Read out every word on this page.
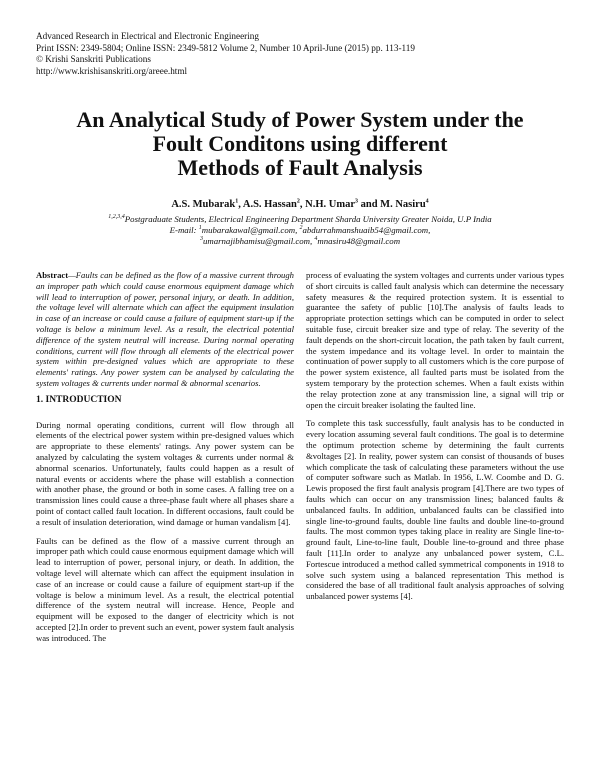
Advanced Research in Electrical and Electronic Engineering
Print ISSN: 2349-5804; Online ISSN: 2349-5812 Volume 2, Number 10 April-June (2015) pp. 113-119
© Krishi Sanskriti Publications
http://www.krishisanskriti.org/areee.html
An Analytical Study of Power System under the
Foult Conditons using different
Methods of Fault Analysis
A.S. Mubarak$^1$, A.S. Hassan$^2$, N.H. Umar$^3$ and M. Nasiru$^4$
$^{1,2,3,4}$Postgraduate Students, Electrical Engineering Department Sharda University Greater Noida, U.P India
E-mail: $^1$mubarakawal@gmail.com, $^2$abdurrahmanshuaib54@gmail.com,
$^3$umarnajibhamisu@gmail.com, $^4$mnasiru48@gmail.com

Abstract—Faults can be defined as the flow of a massive current through an improper path which could cause enormous equipment damage which will lead to interruption of power, personal injury, or death. In addition, the voltage level will alternate which can affect the equipment insulation in case of an increase or could cause a failure of equipment start-up if the voltage is below a minimum level. As a result, the electrical potential difference of the system neutral will increase. During normal operating conditions, current will flow through all elements of the electrical power system within pre-designed values which are appropriate to these elements' ratings. Any power system can be analysed by calculating the system voltages & currents under normal & abnormal scenarios.

1. INTRODUCTION

During normal operating conditions, current will flow through all elements of the electrical power system within pre-designed values which are appropriate to these elements' ratings. Any power system can be analyzed by calculating the system voltages & currents under normal & abnormal scenarios. Unfortunately, faults could happen as a result of natural events or accidents where the phase will establish a connection with another phase, the ground or both in some cases. A falling tree on a transmission lines could cause a three-phase fault where all phases share a point of contact called fault location. In different occasions, fault could be a result of insulation deterioration, wind damage or human vandalism [4].

Faults can be defined as the flow of a massive current through an improper path which could cause enormous equipment damage which will lead to interruption of power, personal injury, or death. In addition, the voltage level will alternate which can affect the equipment insulation in case of an increase or could cause a failure of equipment start-up if the voltage is below a minimum level. As a result, the electrical potential difference of the system neutral will increase. Hence, People and equipment will be exposed to the danger of electricity which is not accepted [2].In order to prevent such an event, power system fault analysis was introduced. The

process of evaluating the system voltages and currents under various types of short circuits is called fault analysis which can determine the necessary safety measures & the required protection system. It is essential to guarantee the safety of public [10].The analysis of faults leads to appropriate protection settings which can be computed in order to select suitable fuse, circuit breaker size and type of relay. The severity of the fault depends on the short-circuit location, the path taken by fault current, the system impedance and its voltage level. In order to maintain the continuation of power supply to all customers which is the core purpose of the power system existence, all faulted parts must be isolated from the system temporary by the protection schemes. When a fault exists within the relay protection zone at any transmission line, a signal will trip or open the circuit breaker isolating the faulted line.

To complete this task successfully, fault analysis has to be conducted in every location assuming several fault conditions. The goal is to determine the optimum protection scheme by determining the fault currents &voltages [2]. In reality, power system can consist of thousands of buses which complicate the task of calculating these parameters without the use of computer software such as Matlab. In 1956, L.W. Coombe and D. G. Lewis proposed the first fault analysis program [4].There are two types of faults which can occur on any transmission lines; balanced faults & unbalanced faults. In addition, unbalanced faults can be classified into single line-to-ground faults, double line faults and double line-to-ground faults. The most common types taking place in reality are Single line-to-ground fault, Line-to-line fault, Double line-to-ground and three phase fault [11].In order to analyze any unbalanced power system, C.L. Fortescue introduced a method called symmetrical components in 1918 to solve such system using a balanced representation This method is considered the base of all traditional fault analysis approaches of solving unbalanced power systems [4].
